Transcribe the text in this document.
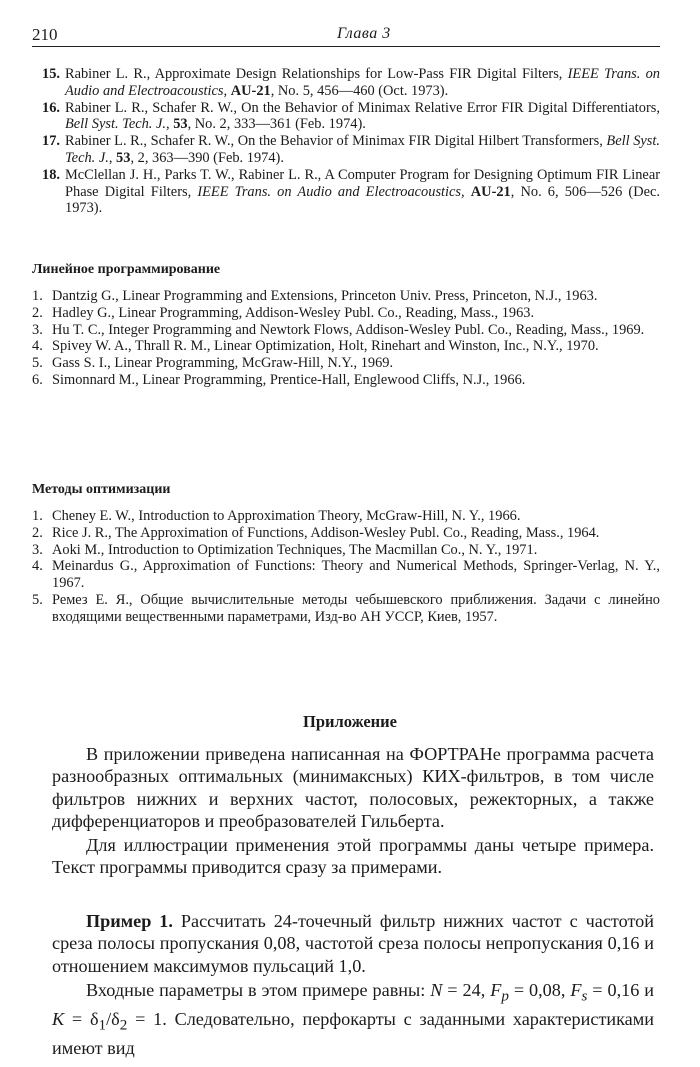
210	Глава 3
15. Rabiner L. R., Approximate Design Relationships for Low-Pass FIR Digital Filters, IEEE Trans. on Audio and Electroacoustics, AU-21, No. 5, 456—460 (Oct. 1973).
16. Rabiner L. R., Schafer R. W., On the Behavior of Minimax Relative Error FIR Digital Differentiators, Bell Syst. Tech. J., 53, No. 2, 333—361 (Feb. 1974).
17. Rabiner L. R., Schafer R. W., On the Behavior of Minimax FIR Digital Hilbert Transformers, Bell Syst. Tech. J., 53, 2, 363—390 (Feb. 1974).
18. McClellan J. H., Parks T. W., Rabiner L. R., A Computer Program for Designing Optimum FIR Linear Phase Digital Filters, IEEE Trans. on Audio and Electroacoustics, AU-21, No. 6, 506—526 (Dec. 1973).
Линейное программирование
1. Dantzig G., Linear Programming and Extensions, Princeton Univ. Press, Princeton, N.J., 1963.
2. Hadley G., Linear Programming, Addison-Wesley Publ. Co., Reading, Mass., 1963.
3. Hu T. C., Integer Programming and Newtork Flows, Addison-Wesley Publ. Co., Reading, Mass., 1969.
4. Spivey W. A., Thrall R. M., Linear Optimization, Holt, Rinehart and Winston, Inc., N.Y., 1970.
5. Gass S. I., Linear Programming, McGraw-Hill, N.Y., 1969.
6. Simonnard M., Linear Programming, Prentice-Hall, Englewood Cliffs, N.J., 1966.
Методы оптимизации
1. Cheney E. W., Introduction to Approximation Theory, McGraw-Hill, N. Y., 1966.
2. Rice J. R., The Approximation of Functions, Addison-Wesley Publ. Co., Reading, Mass., 1964.
3. Aoki M., Introduction to Optimization Techniques, The Macmillan Co., N. Y., 1971.
4. Meinardus G., Approximation of Functions: Theory and Numerical Methods, Springer-Verlag, N. Y., 1967.
5. Ремез Е. Я., Общие вычислительные методы чебышевского приближения. Задачи с линейно входящими вещественными параметрами, Изд-во АН УССР, Киев, 1957.
Приложение

В приложении приведена написанная на ФОРТРАНе программа расчета разнообразных оптимальных (минимаксных) КИХ-фильтров, в том числе фильтров нижних и верхних частот, полосовых, режекторных, а также дифференциаторов и преобразователей Гильберта.

Для иллюстрации применения этой программы даны четыре примера. Текст программы приводится сразу за примерами.

Пример 1. Рассчитать 24-точечный фильтр нижних частот с частотой среза полосы пропускания 0,08, частотой среза полосы непропускания 0,16 и отношением максимумов пульсаций 1,0.

Входные параметры в этом примере равны: N = 24, $F_p = 0,08$, $F_s = 0,16$ и $K = \delta_1/\delta_2 = 1$. Следовательно, перфокарты с заданными характеристиками имеют вид
